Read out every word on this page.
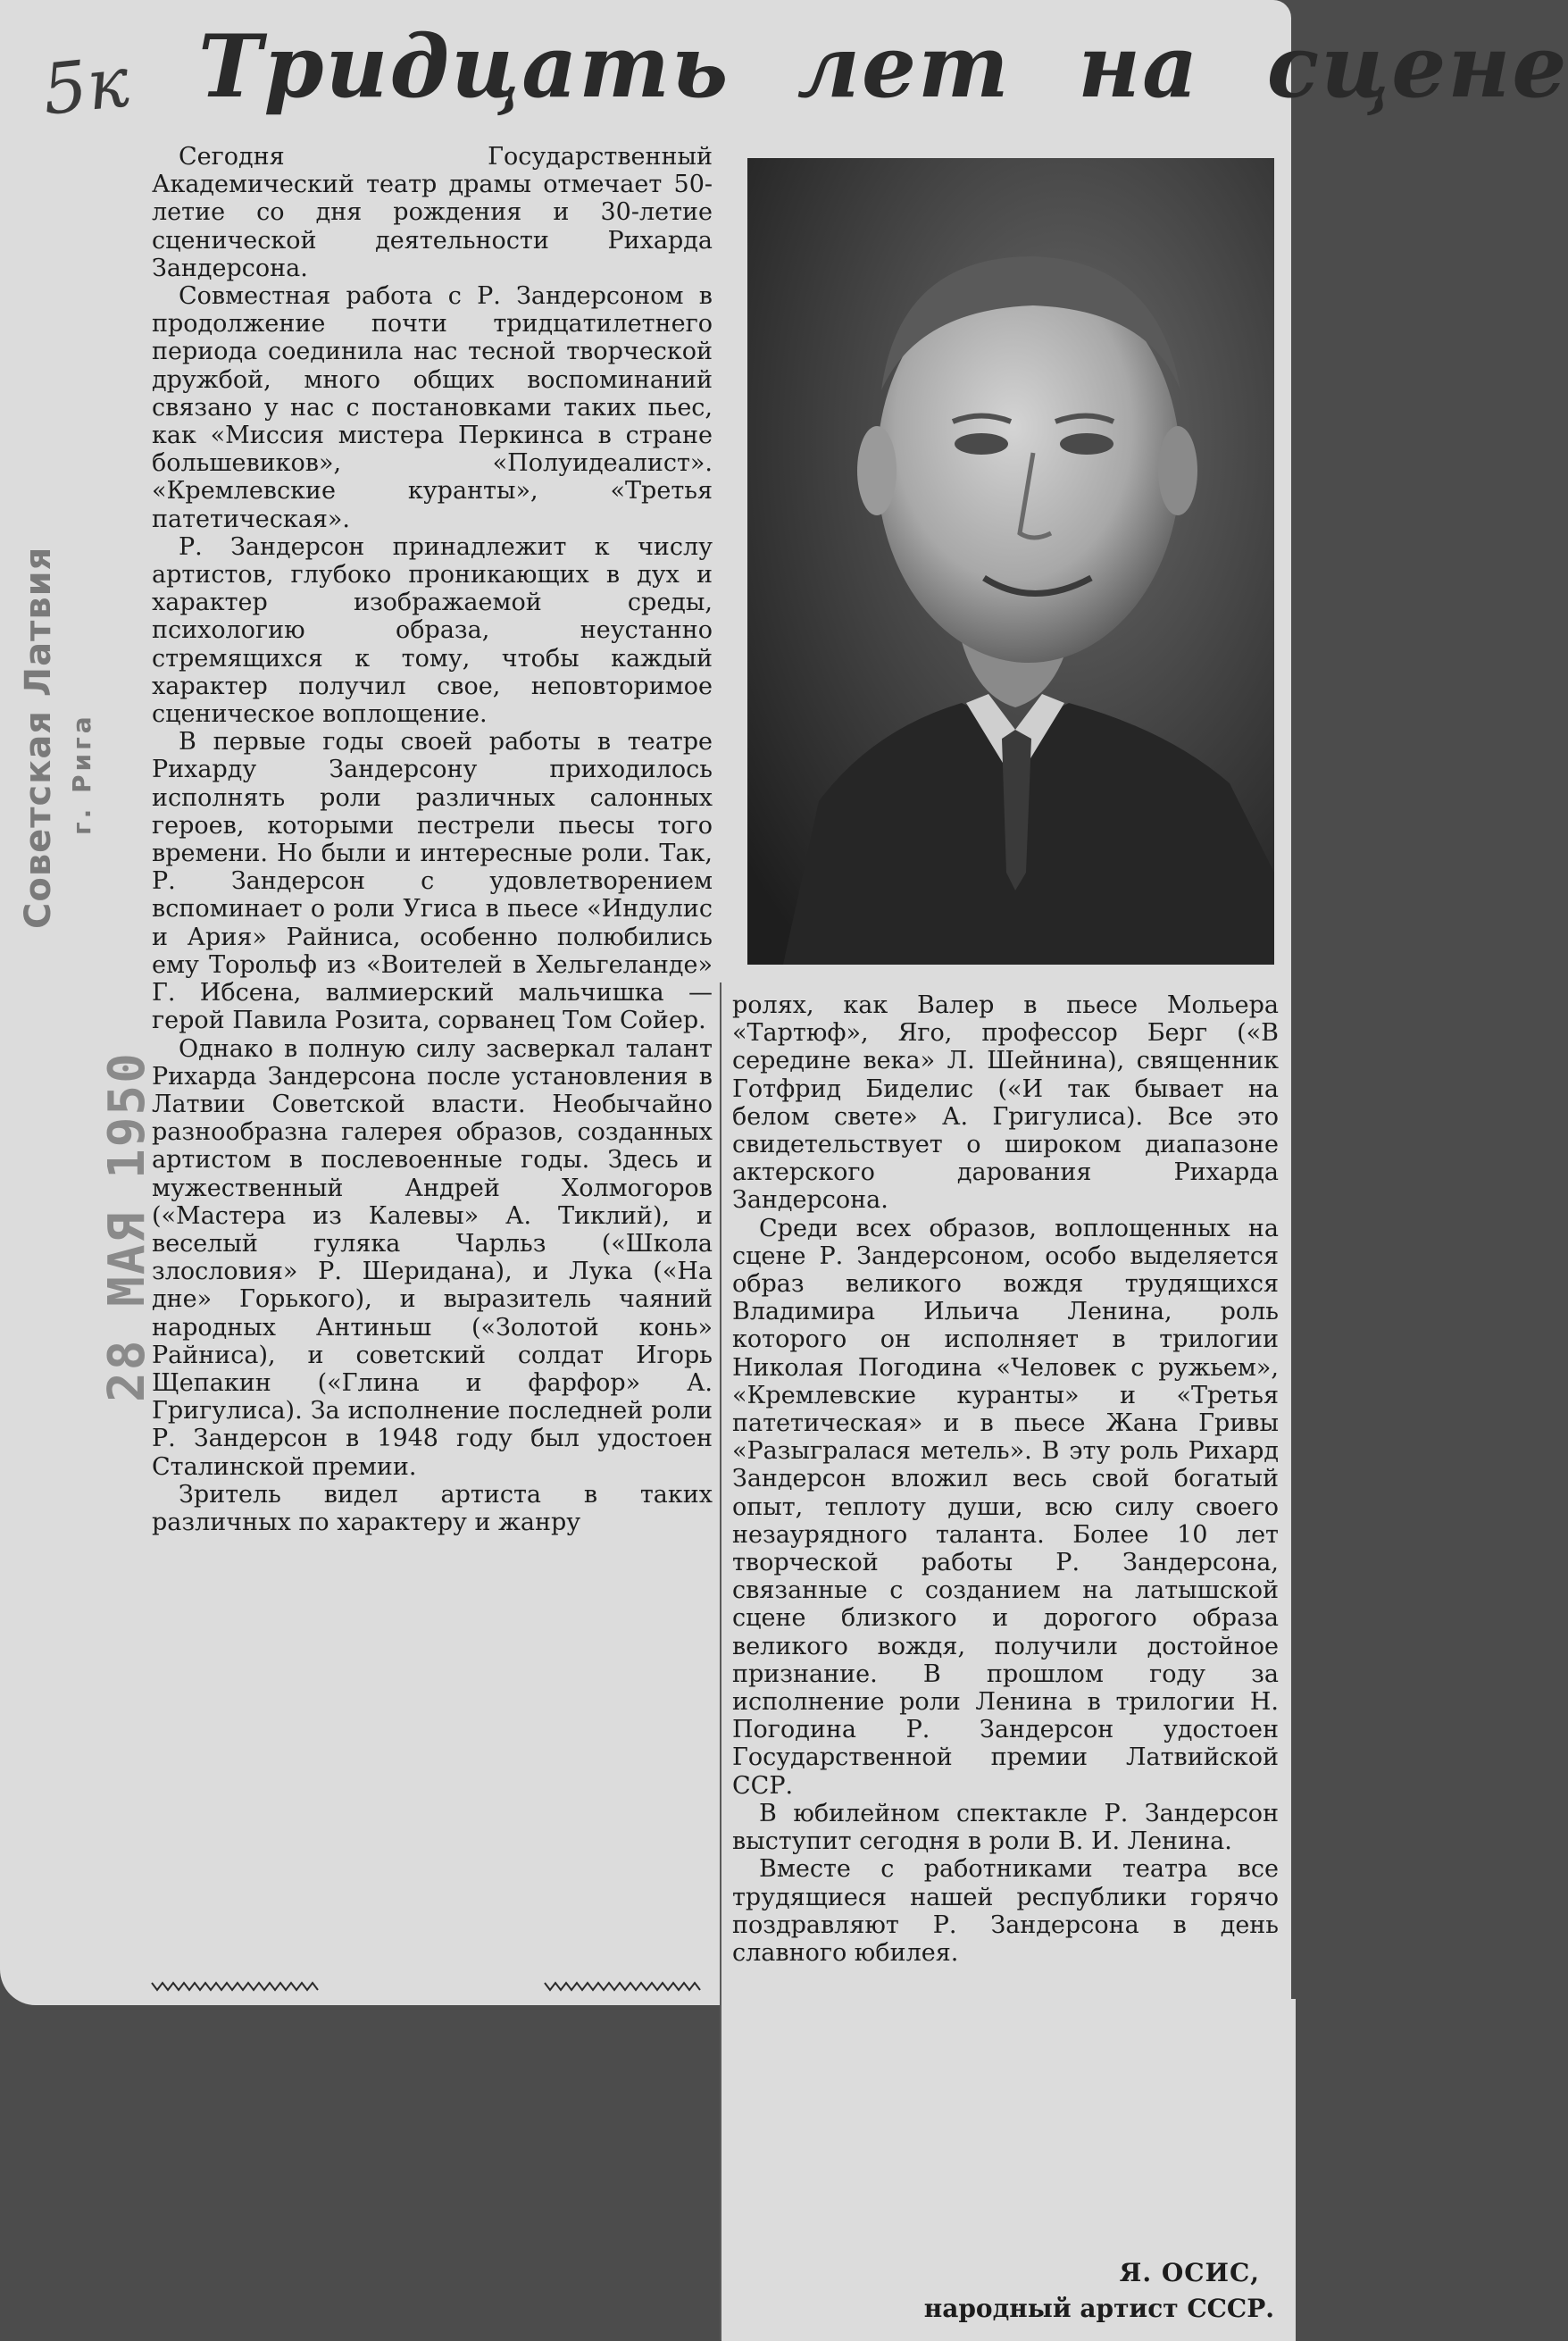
5к
Советская Латвия г. Рига
28 МАЯ 1950
Тридцать лет на сцене

Сегодня Государственный Академический театр драмы отмечает 50-летие со дня рождения и 30-летие сценической деятельности Рихарда Зандерсона.

Совместная работа с Р. Зандерсоном в продолжение почти тридцатилетнего периода соединила нас тесной творческой дружбой, много общих воспоминаний связано у нас с постановками таких пьес, как «Миссия мистера Перкинса в стране большевиков», «Полуидеалист». «Кремлевские куранты», «Третья патетическая».

Р. Зандерсон принадлежит к числу артистов, глубоко проникающих в дух и характер изображаемой среды, психологию образа, неустанно стремящихся к тому, чтобы каждый характер получил свое, неповторимое сценическое воплощение.

В первые годы своей работы в театре Рихарду Зандерсону приходилось исполнять роли различных салонных героев, которыми пестрели пьесы того времени. Но были и интересные роли. Так, Р. Зандерсон с удовлетворением вспоминает о роли Угиса в пьесе «Индулис и Ария» Райниса, особенно полюбились ему Торольф из «Воителей в Хельгеланде» Г. Ибсена, валмиерский мальчишка — герой Павила Розита, сорванец Том Сойер.

Однако в полную силу засверкал талант Рихарда Зандерсона после установления в Латвии Советской власти. Необычайно разнообразна галерея образов, созданных артистом в послевоенные годы. Здесь и мужественный Андрей Холмогоров («Мастера из Калевы» А. Тиклий), и веселый гуляка Чарльз («Школа злословия» Р. Шеридана), и Лука («На дне» Горького), и выразитель чаяний народных Антиньш («Золотой конь» Райниса), и советский солдат Игорь Щепакин («Глина и фарфор» А. Григулиса). За исполнение последней роли Р. Зандерсон в 1948 году был удостоен Сталинской премии.

Зритель видел артиста в таких различных по характеру и жанру

ролях, как Валер в пьесе Мольера «Тартюф», Яго, профессор Берг («В середине века» Л. Шейнина), священник Готфрид Биделис («И так бывает на белом свете» А. Григулиса). Все это свидетельствует о широком диапазоне актерского дарования Рихарда Зандерсона.

Среди всех образов, воплощенных на сцене Р. Зандерсоном, особо выделяется образ великого вождя трудящихся Владимира Ильича Ленина, роль которого он исполняет в трилогии Николая Погодина «Человек с ружьем», «Кремлевские куранты» и «Третья патетическая» и в пьесе Жана Гривы «Разыгралася метель». В эту роль Рихард Зандерсон вложил весь свой богатый опыт, теплоту души, всю силу своего незаурядного таланта. Более 10 лет творческой работы Р. Зандерсона, связанные с созданием на латышской сцене близкого и дорогого образа великого вождя, получили достойное признание. В прошлом году за исполнение роли Ленина в трилогии Н. Погодина Р. Зандерсон удостоен Государственной премии Латвийской ССР.

В юбилейном спектакле Р. Зандерсон выступит сегодня в роли В. И. Ленина.

Вместе с работниками театра все трудящиеся нашей республики горячо поздравляют Р. Зандерсона в день славного юбилея.

Я. ОСИС,
народный артист СССР.
